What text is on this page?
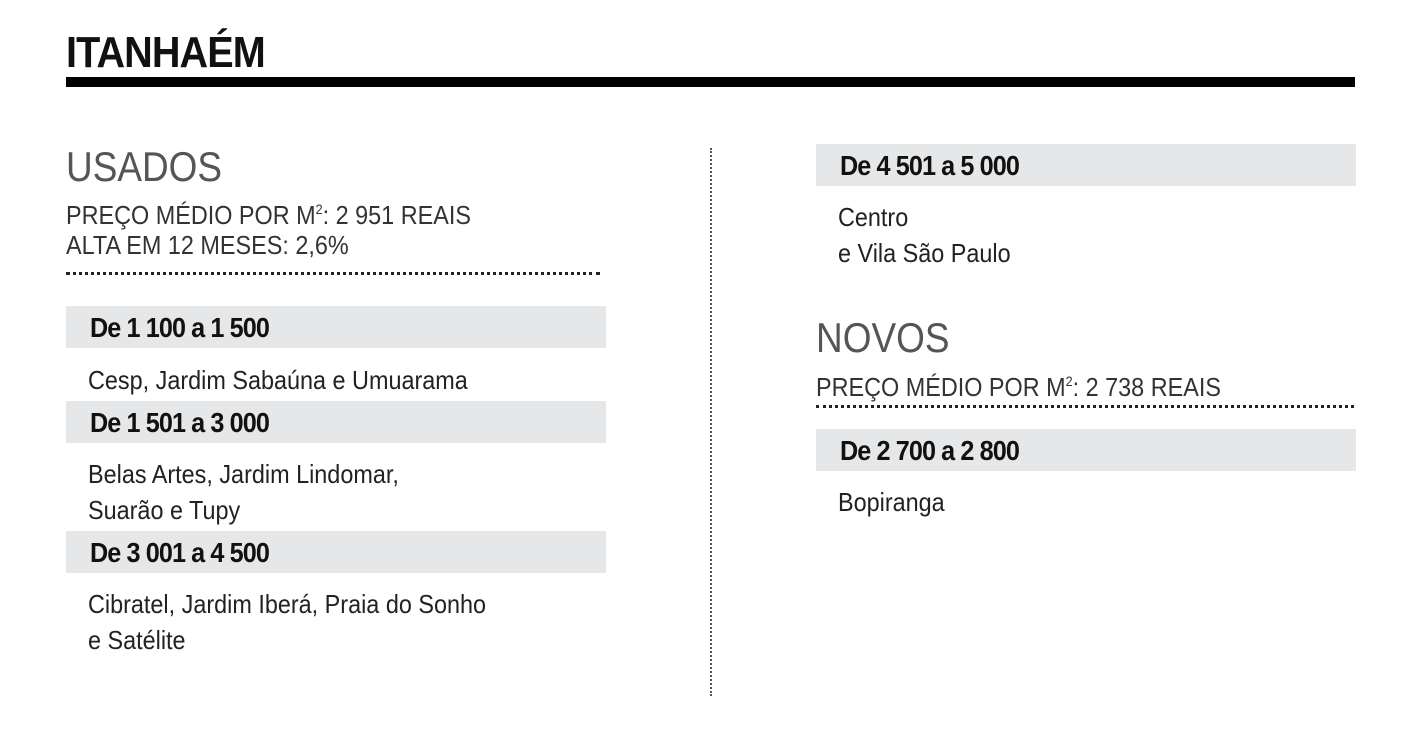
ITANHAÉM
USADOS
PREÇO MÉDIO POR $M^2$: 2 951 REAIS
ALTA EM 12 MESES: 2,6%
De 1 100 a 1 500
Cesp, Jardim Sabaúna e Umuarama
De 1 501 a 3 000
Belas Artes, Jardim Lindomar,
Suarão e Tupy
De 3 001 a 4 500
Cibratel, Jardim Iberá, Praia do Sonho
e Satélite
De 4 501 a 5 000
Centro
e Vila São Paulo
NOVOS
PREÇO MÉDIO POR $M^2$: 2 738 REAIS
De 2 700 a 2 800
Bopiranga
